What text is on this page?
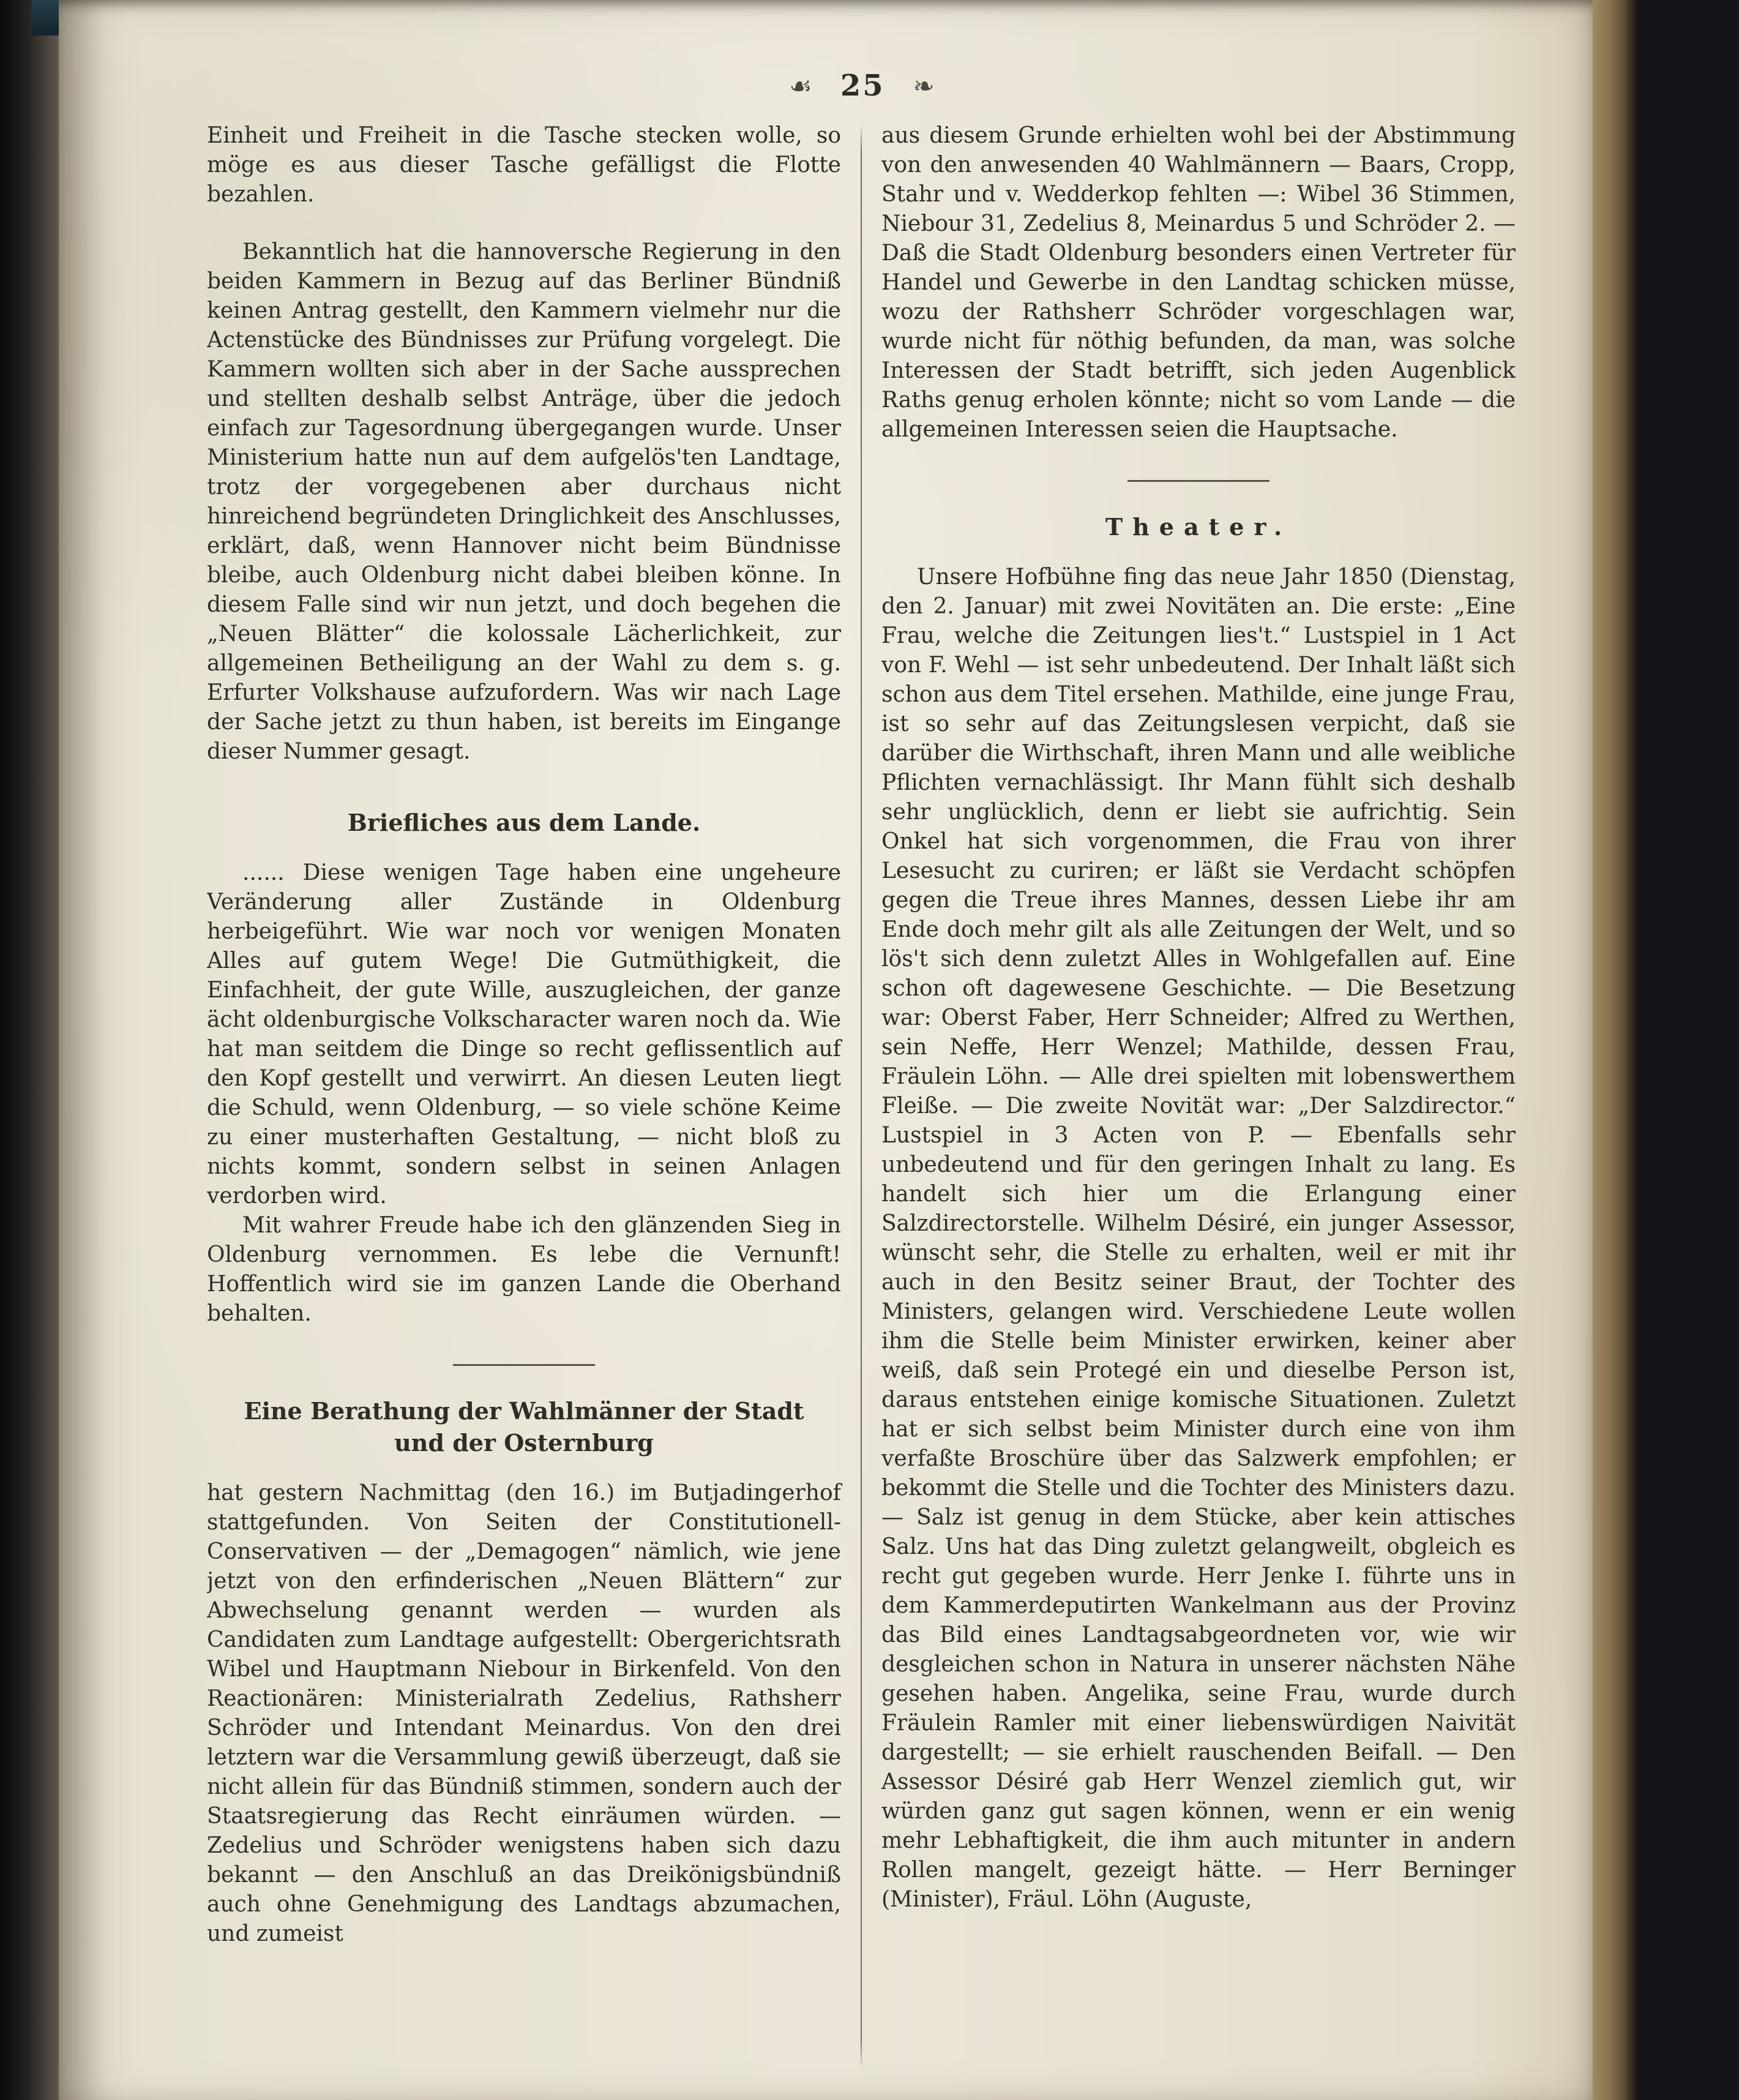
☙ 25 ❧

Einheit und Freiheit in die Tasche stecken wolle, so möge es aus dieser Tasche gefälligst die Flotte bezahlen.

Bekanntlich hat die hannoversche Regierung in den beiden Kammern in Bezug auf das Berliner Bündniß keinen Antrag gestellt, den Kammern vielmehr nur die Actenstücke des Bündnisses zur Prüfung vorgelegt. Die Kammern wollten sich aber in der Sache aussprechen und stellten deshalb selbst Anträge, über die jedoch einfach zur Tagesordnung übergegangen wurde. Unser Ministerium hatte nun auf dem aufgelös'ten Landtage, trotz der vorgegebenen aber durchaus nicht hinreichend begründeten Dringlichkeit des Anschlusses, erklärt, daß, wenn Hannover nicht beim Bündnisse bleibe, auch Oldenburg nicht dabei bleiben könne. In diesem Falle sind wir nun jetzt, und doch begehen die „Neuen Blätter“ die kolossale Lächerlichkeit, zur allgemeinen Betheiligung an der Wahl zu dem s. g. Erfurter Volkshause aufzufordern. Was wir nach Lage der Sache jetzt zu thun haben, ist bereits im Eingange dieser Nummer gesagt.

Briefliches aus dem Lande.

...... Diese wenigen Tage haben eine ungeheure Veränderung aller Zustände in Oldenburg herbeigeführt. Wie war noch vor wenigen Monaten Alles auf gutem Wege! Die Gutmüthigkeit, die Einfachheit, der gute Wille, auszugleichen, der ganze ächt oldenburgische Volkscharacter waren noch da. Wie hat man seitdem die Dinge so recht geflissentlich auf den Kopf gestellt und verwirrt. An diesen Leuten liegt die Schuld, wenn Oldenburg, — so viele schöne Keime zu einer musterhaften Gestaltung, — nicht bloß zu nichts kommt, sondern selbst in seinen Anlagen verdorben wird.

Mit wahrer Freude habe ich den glänzenden Sieg in Oldenburg vernommen. Es lebe die Vernunft! Hoffentlich wird sie im ganzen Lande die Oberhand behalten.

Eine Berathung der Wahlmänner der Stadt und der Osternburg

hat gestern Nachmittag (den 16.) im Butjadingerhof stattgefunden. Von Seiten der Constitutionell-Conservativen — der „Demagogen“ nämlich, wie jene jetzt von den erfinderischen „Neuen Blättern“ zur Abwechselung genannt werden — wurden als Candidaten zum Landtage aufgestellt: Obergerichtsrath Wibel und Hauptmann Niebour in Birkenfeld. Von den Reactionären: Ministerialrath Zedelius, Rathsherr Schröder und Intendant Meinardus. Von den drei letztern war die Versammlung gewiß überzeugt, daß sie nicht allein für das Bündniß stimmen, sondern auch der Staatsregierung das Recht einräumen würden. — Zedelius und Schröder wenigstens haben sich dazu bekannt — den Anschluß an das Dreikönigsbündniß auch ohne Genehmigung des Landtags abzumachen, und zumeist

aus diesem Grunde erhielten wohl bei der Abstimmung von den anwesenden 40 Wahlmännern — Baars, Cropp, Stahr und v. Wedderkop fehlten —: Wibel 36 Stimmen, Niebour 31, Zedelius 8, Meinardus 5 und Schröder 2. — Daß die Stadt Oldenburg besonders einen Vertreter für Handel und Gewerbe in den Landtag schicken müsse, wozu der Rathsherr Schröder vorgeschlagen war, wurde nicht für nöthig befunden, da man, was solche Interessen der Stadt betrifft, sich jeden Augenblick Raths genug erholen könnte; nicht so vom Lande — die allgemeinen Interessen seien die Hauptsache.

Theater.

Unsere Hofbühne fing das neue Jahr 1850 (Dienstag, den 2. Januar) mit zwei Novitäten an. Die erste: „Eine Frau, welche die Zeitungen lies't.“ Lustspiel in 1 Act von F. Wehl — ist sehr unbedeutend. Der Inhalt läßt sich schon aus dem Titel ersehen. Mathilde, eine junge Frau, ist so sehr auf das Zeitungslesen verpicht, daß sie darüber die Wirthschaft, ihren Mann und alle weibliche Pflichten vernachlässigt. Ihr Mann fühlt sich deshalb sehr unglücklich, denn er liebt sie aufrichtig. Sein Onkel hat sich vorgenommen, die Frau von ihrer Lesesucht zu curiren; er läßt sie Verdacht schöpfen gegen die Treue ihres Mannes, dessen Liebe ihr am Ende doch mehr gilt als alle Zeitungen der Welt, und so lös't sich denn zuletzt Alles in Wohlgefallen auf. Eine schon oft dagewesene Geschichte. — Die Besetzung war: Oberst Faber, Herr Schneider; Alfred zu Werthen, sein Neffe, Herr Wenzel; Mathilde, dessen Frau, Fräulein Löhn. — Alle drei spielten mit lobenswerthem Fleiße. — Die zweite Novität war: „Der Salzdirector.“ Lustspiel in 3 Acten von P. — Ebenfalls sehr unbedeutend und für den geringen Inhalt zu lang. Es handelt sich hier um die Erlangung einer Salzdirectorstelle. Wilhelm Désiré, ein junger Assessor, wünscht sehr, die Stelle zu erhalten, weil er mit ihr auch in den Besitz seiner Braut, der Tochter des Ministers, gelangen wird. Verschiedene Leute wollen ihm die Stelle beim Minister erwirken, keiner aber weiß, daß sein Protegé ein und dieselbe Person ist, daraus entstehen einige komische Situationen. Zuletzt hat er sich selbst beim Minister durch eine von ihm verfaßte Broschüre über das Salzwerk empfohlen; er bekommt die Stelle und die Tochter des Ministers dazu. — Salz ist genug in dem Stücke, aber kein attisches Salz. Uns hat das Ding zuletzt gelangweilt, obgleich es recht gut gegeben wurde. Herr Jenke I. führte uns in dem Kammerdeputirten Wankelmann aus der Provinz das Bild eines Landtagsabgeordneten vor, wie wir desgleichen schon in Natura in unserer nächsten Nähe gesehen haben. Angelika, seine Frau, wurde durch Fräulein Ramler mit einer liebenswürdigen Naivität dargestellt; — sie erhielt rauschenden Beifall. — Den Assessor Désiré gab Herr Wenzel ziemlich gut, wir würden ganz gut sagen können, wenn er ein wenig mehr Lebhaftigkeit, die ihm auch mitunter in andern Rollen mangelt, gezeigt hätte. — Herr Berninger (Minister), Fräul. Löhn (Auguste,
